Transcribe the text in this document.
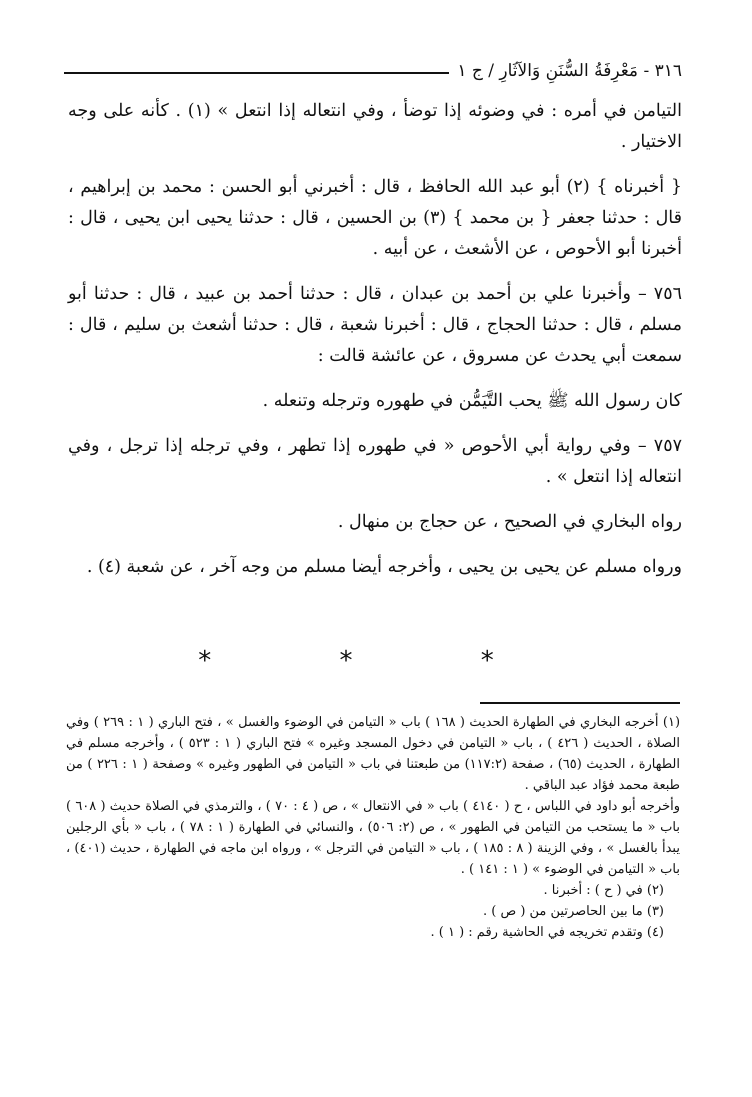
٣١٦ - مَعْرِفَةُ السُّنَنِ وَالآثَارِ / ج ١

التيامن في أمره : في وضوئه إذا توضأ ، وفي انتعاله إذا انتعل » (١) . كأنه على وجه الاختيار .

{ أخبرناه } (٢) أبو عبد الله الحافظ ، قال : أخبرني أبو الحسن : محمد بن إبراهيم ، قال : حدثنا جعفر { بن محمد } (٣) بن الحسين ، قال : حدثنا يحيى ابن يحيى ، قال : أخبرنا أبو الأحوص ، عن الأشعث ، عن أبيه .

٧٥٦ – وأخبرنا علي بن أحمد بن عبدان ، قال : حدثنا أحمد بن عبيد ، قال : حدثنا أبو مسلم ، قال : حدثنا الحجاج ، قال : أخبرنا شعبة ، قال : حدثنا أشعث بن سليم ، قال : سمعت أبي يحدث عن مسروق ، عن عائشة قالت :

كان رسول الله ﷺ يحب التَّيَمُّن في طهوره وترجله وتنعله .

٧٥٧ – وفي رواية أبي الأحوص « في طهوره إذا تطهر ، وفي ترجله إذا ترجل ، وفي انتعاله إذا انتعل » .

رواه البخاري في الصحيح ، عن حجاج بن منهال .

ورواه مسلم عن يحيى بن يحيى ، وأخرجه أيضا مسلم من وجه آخر ، عن شعبة (٤) .

* * *

(١) أخرجه البخاري في الطهارة الحديث ( ١٦٨ ) باب « التيامن في الوضوء والغسل » ، فتح الباري ( ١ : ٢٦٩ ) وفي الصلاة ، الحديث ( ٤٢٦ ) ، باب « التيامن في دخول المسجد وغيره » فتح الباري ( ١ : ٥٢٣ ) ، وأخرجه مسلم في الطهارة ، الحديث (٦٥) ، صفحة (١١٧:٢) من طبعتنا في باب « التيامن في الطهور وغيره » وصفحة ( ١ : ٢٢٦ ) من طبعة محمد فؤاد عبد الباقي .

وأخرجه أبو داود في اللباس ، ح ( ٤١٤٠ ) باب « في الانتعال » ، ص ( ٤ : ٧٠ ) ، والترمذي في الصلاة حديث ( ٦٠٨ ) باب « ما يستحب من التيامن في الطهور » ، ص (٢: ٥٠٦) ، والنسائي في الطهارة ( ١ : ٧٨ ) ، باب « بأي الرجلين يبدأ بالغسل » ، وفي الزينة ( ٨ : ١٨٥ ) ، باب « التيامن في الترجل » ، ورواه ابن ماجه في الطهارة ، حديث (٤٠١) ، باب « التيامن في الوضوء » ( ١ : ١٤١ ) .

(٢) في ( ح ) : أخبرنا .

(٣) ما بين الحاصرتين من ( ص ) .

(٤) وتقدم تخريجه في الحاشية رقم : ( ١ ) .
